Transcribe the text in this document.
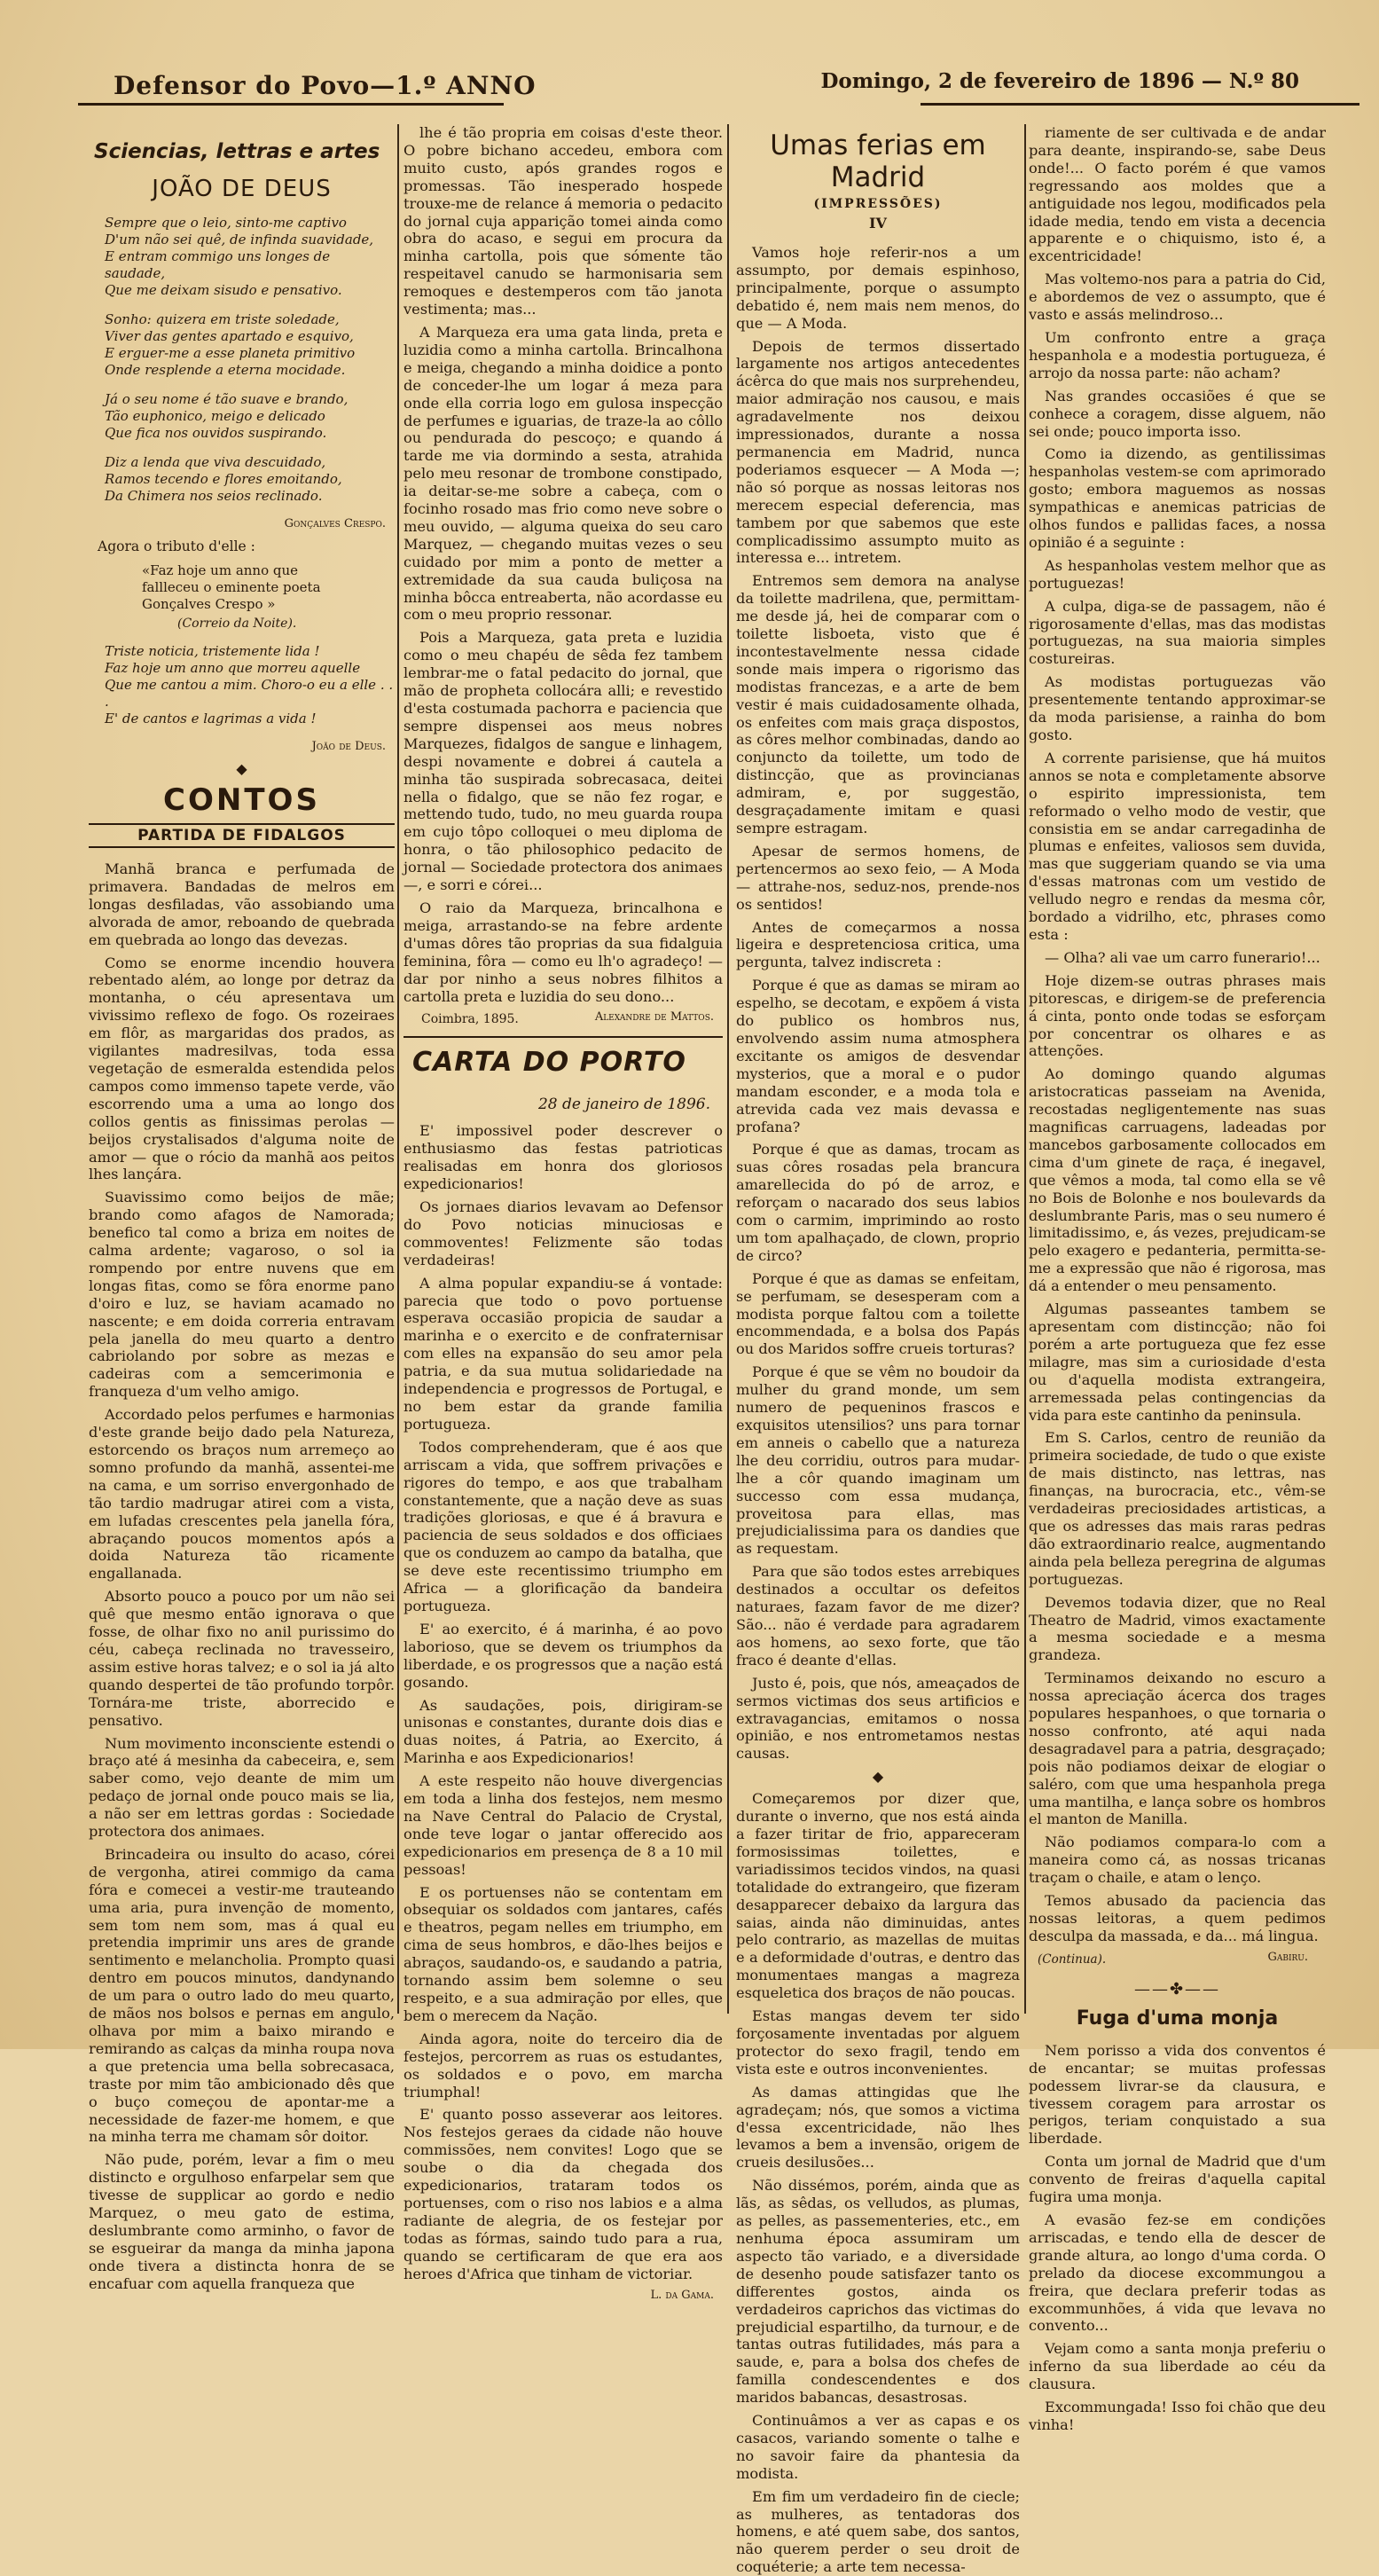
Defensor do Povo—1.º ANNO	Domingo, 2 de fevereiro de 1896 — N.º 80
Sciencias, lettras e artes
JOÃO DE DEUS
Sempre que o leio, sinto-me captivo
D'um não sei quê, de infinda suavidade,
E entram commigo uns longes de saudade,
Que me deixam sisudo e pensativo.
Sonho: quizera em triste soledade,
Viver das gentes apartado e esquivo,
E erguer-me a esse planeta primitivo
Onde resplende a eterna mocidade.
Já o seu nome é tão suave e brando,
Tão euphonico, meigo e delicado
Que fica nos ouvidos suspirando.
Diz a lenda que viva descuidado,
Ramos tecendo e flores emoitando,
Da Chimera nos seios reclinado.
Gonçalves Crespo.
Agora o tributo d'elle :
«Faz hoje um anno que
fallleceu o eminente poeta
Gonçalves Crespo »
(Correio da Noite).
Triste noticia, tristemente lida !
Faz hoje um anno que morreu aquelle
Que me cantou a mim. Choro-o eu a elle . . .
E' de cantos e lagrimas a vida !
João de Deus.
◆
CONTOS
PARTIDA DE FIDALGOS

Manhã branca e perfumada de primavera. Bandadas de melros em longas desfiladas, vão assobiando uma alvorada de amor, reboando de quebrada em quebrada ao longo das devezas.

Como se enorme incendio houvera rebentado além, ao longe por detraz da montanha, o céu apresentava um vivissimo reflexo de fogo. Os rozeiraes em flôr, as margaridas dos prados, as vigilantes madresilvas, toda essa vegetação de esmeralda estendida pelos campos como immenso tapete verde, vão escorrendo uma a uma ao longo dos collos gentis as finissimas perolas — beijos crystalisados d'alguma noite de amor — que o rócio da manhã aos peitos lhes lançára.

Suavissimo como beijos de mãe; brando como afagos de Namorada; benefico tal como a briza em noites de calma ardente; vagaroso, o sol ia rompendo por entre nuvens que em longas fitas, como se fôra enorme pano d'oiro e luz, se haviam acamado no nascente; e em doida correria entravam pela janella do meu quarto a dentro cabriolando por sobre as mezas e cadeiras com a semcerimonia e franqueza d'um velho amigo.

Accordado pelos perfumes e harmonias d'este grande beijo dado pela Natureza, estorcendo os braços num arremeço ao somno profundo da manhã, assentei-me na cama, e um sorriso envergonhado de tão tardio madrugar atirei com a vista, em lufadas crescentes pela janella fóra, abraçando poucos momentos após a doida Natureza tão ricamente engallanada.

Absorto pouco a pouco por um não sei quê que mesmo então ignorava o que fosse, de olhar fixo no anil purissimo do céu, cabeça reclinada no travesseiro, assim estive horas talvez; e o sol ia já alto quando despertei de tão profundo torpôr. Tornára-me triste, aborrecido e pensativo.

Num movimento inconsciente estendi o braço até á mesinha da cabeceira, e, sem saber como, vejo deante de mim um pedaço de jornal onde pouco mais se lia, a não ser em lettras gordas : Sociedade protectora dos animaes.

Brincadeira ou insulto do acaso, córei de vergonha, atirei commigo da cama fóra e comecei a vestir-me trauteando uma aria, pura invenção de momento, sem tom nem som, mas á qual eu pretendia imprimir uns ares de grande sentimento e melancholia. Prompto quasi dentro em poucos minutos, dandynando de um para o outro lado do meu quarto, de mãos nos bolsos e pernas em angulo, olhava por mim a baixo mirando e remirando as calças da minha roupa nova a que pretencia uma bella sobrecasaca, traste por mim tão ambicionado dês que o buço começou de apontar-me a necessidade de fazer-me homem, e que na minha terra me chamam sôr doitor.

Não pude, porém, levar a fim o meu distincto e orgulhoso enfarpelar sem que tivesse de supplicar ao gordo e nedio Marquez, o meu gato de estima, deslumbrante como arminho, o favor de se esgueirar da manga da minha japona onde tivera a distincta honra de se encafuar com aquella franqueza que

lhe é tão propria em coisas d'este theor. O pobre bichano accedeu, embora com muito custo, após grandes rogos e promessas. Tão inesperado hospede trouxe-me de relance á memoria o pedacito do jornal cuja apparição tomei ainda como obra do acaso, e segui em procura da minha cartolla, pois que sómente tão respeitavel canudo se harmonisaria sem remoques e destemperos com tão janota vestimenta; mas...

A Marqueza era uma gata linda, preta e luzidia como a minha cartolla. Brincalhona e meiga, chegando a minha doidice a ponto de conceder-lhe um logar á meza para onde ella corria logo em gulosa inspecção de perfumes e iguarias, de traze-la ao côllo ou pendurada do pescoço; e quando á tarde me via dormindo a sesta, atrahida pelo meu resonar de trombone constipado, ia deitar-se-me sobre a cabeça, com o focinho rosado mas frio como neve sobre o meu ouvido, — alguma queixa do seu caro Marquez, — chegando muitas vezes o seu cuidado por mim a ponto de metter a extremidade da sua cauda buliçosa na minha bôcca entreaberta, não acordasse eu com o meu proprio ressonar.

Pois a Marqueza, gata preta e luzidia como o meu chapéu de sêda fez tambem lembrar-me o fatal pedacito do jornal, que mão de propheta collocára alli; e revestido d'esta costumada pachorra e paciencia que sempre dispensei aos meus nobres Marquezes, fidalgos de sangue e linhagem, despi novamente e dobrei á cautela a minha tão suspirada sobrecasaca, deitei nella o fidalgo, que se não fez rogar, e mettendo tudo, tudo, no meu guarda roupa em cujo tôpo colloquei o meu diploma de honra, o tão philosophico pedacito de jornal — Sociedade protectora dos animaes —, e sorri e córei...

O raio da Marqueza, brincalhona e meiga, arrastando-se na febre ardente d'umas dôres tão proprias da sua fidalguia feminina, fôra — como eu lh'o agradeço! — dar por ninho a seus nobres filhitos a cartolla preta e luzidia do seu dono...

Coimbra, 1895.	Alexandre de Mattos.
CARTA DO PORTO
28 de janeiro de 1896.

E' impossivel poder descrever o enthusiasmo das festas patrioticas realisadas em honra dos gloriosos expedicionarios!

Os jornaes diarios levavam ao Defensor do Povo noticias minuciosas e commoventes! Felizmente são todas verdadeiras!

A alma popular expandiu-se á vontade: parecia que todo o povo portuense esperava occasião propicia de saudar a marinha e o exercito e de confraternisar com elles na expansão do seu amor pela patria, e da sua mutua solidariedade na independencia e progressos de Portugal, e no bem estar da grande familia portugueza.

Todos comprehenderam, que é aos que arriscam a vida, que soffrem privações e rigores do tempo, e aos que trabalham constantemente, que a nação deve as suas tradições gloriosas, e que é á bravura e paciencia de seus soldados e dos officiaes que os conduzem ao campo da batalha, que se deve este recentissimo triumpho em Africa — a glorificação da bandeira portugueza.

E' ao exercito, é á marinha, é ao povo laborioso, que se devem os triumphos da liberdade, e os progressos que a nação está gosando.

As saudações, pois, dirigiram-se unisonas e constantes, durante dois dias e duas noites, á Patria, ao Exercito, á Marinha e aos Expedicionarios!

A este respeito não houve divergencias em toda a linha dos festejos, nem mesmo na Nave Central do Palacio de Crystal, onde teve logar o jantar offerecido aos expedicionarios em presença de 8 a 10 mil pessoas!

E os portuenses não se contentam em obsequiar os soldados com jantares, cafés e theatros, pegam nelles em triumpho, em cima de seus hombros, e dão-lhes beijos e abraços, saudando-os, e saudando a patria, tornando assim bem solemne o seu respeito, e a sua admiração por elles, que bem o merecem da Nação.

Ainda agora, noite do terceiro dia de festejos, percorrem as ruas os estudantes, os soldados e o povo, em marcha triumphal!

E' quanto posso asseverar aos leitores. Nos festejos geraes da cidade não houve commissões, nem convites! Logo que se soube o dia da chegada dos expedicionarios, trataram todos os portuenses, com o riso nos labios e a alma radiante de alegria, de os festejar por todas as fórmas, saindo tudo para a rua, quando se certificaram de que era aos heroes d'Africa que tinham de victoriar.

L. da Gama.
Umas ferias em Madrid
(IMPRESSÕES)
IV

Vamos hoje referir-nos a um assumpto, por demais espinhoso, principalmente, porque o assumpto debatido é, nem mais nem menos, do que — A Moda.

Depois de termos dissertado largamente nos artigos antecedentes ácêrca do que mais nos surprehendeu, maior admiração nos causou, e mais agradavelmente nos deixou impressionados, durante a nossa permanencia em Madrid, nunca poderiamos esquecer — A Moda —; não só porque as nossas leitoras nos merecem especial deferencia, mas tambem por que sabemos que este complicadissimo assumpto muito as interessa e... intretem.

Entremos sem demora na analyse da toilette madrilena, que, permittam-me desde já, hei de comparar com o toilette lisboeta, visto que é incontestavelmente nessa cidade sonde mais impera o rigorismo das modistas francezas, e a arte de bem vestir é mais cuidadosamente olhada, os enfeites com mais graça dispostos, as côres melhor combinadas, dando ao conjuncto da toilette, um todo de distincção, que as provincianas admiram, e, por suggestão, desgraçadamente imitam e quasi sempre estragam.

Apesar de sermos homens, de pertencermos ao sexo feio, — A Moda — attrahe-nos, seduz-nos, prende-nos os sentidos!

Antes de começarmos a nossa ligeira e despretenciosa critica, uma pergunta, talvez indiscreta :

Porque é que as damas se miram ao espelho, se decotam, e expõem á vista do publico os hombros nus, envolvendo assim numa atmosphera excitante os amigos de desvendar mysterios, que a moral e o pudor mandam esconder, e a moda tola e atrevida cada vez mais devassa e profana?

Porque é que as damas, trocam as suas côres rosadas pela brancura amarellecida do pó de arroz, e reforçam o nacarado dos seus labios com o carmim, imprimindo ao rosto um tom apalhaçado, de clown, proprio de circo?

Porque é que as damas se enfeitam, se perfumam, se desesperam com a modista porque faltou com a toilette encommendada, e a bolsa dos Papás ou dos Maridos soffre crueis torturas?

Porque é que se vêm no boudoir da mulher du grand monde, um sem numero de pequeninos frascos e exquisitos utensilios? uns para tornar em anneis o cabello que a natureza lhe deu corridiu, outros para mudar-lhe a côr quando imaginam um successo com essa mudança, proveitosa para ellas, mas prejudicialissima para os dandies que as requestam.

Para que são todos estes arrebiques destinados a occultar os defeitos naturaes, fazam favor de me dizer? São... não é verdade para agradarem aos homens, ao sexo forte, que tão fraco é deante d'ellas.

Justo é, pois, que nós, ameaçados de sermos victimas dos seus artificios e extravagancias, emitamos o nossa opinião, e nos entrometamos nestas causas.

◆

Começaremos por dizer que, durante o inverno, que nos está ainda a fazer tiritar de frio, appareceram formosissimas toilettes, e variadissimos tecidos vindos, na quasi totalidade do extrangeiro, que fizeram desapparecer debaixo da largura das saias, ainda não diminuidas, antes pelo contrario, as mazellas de muitas e a deformidade d'outras, e dentro das monumentaes mangas a magreza esqueletica dos braços de não poucas.

Estas mangas devem ter sido forçosamente inventadas por alguem protector do sexo fragil, tendo em vista este e outros inconvenientes.

As damas attingidas que lhe agradeçam; nós, que somos a victima d'essa excentricidade, não lhes levamos a bem a invensão, origem de crueis desilusões...

Não dissémos, porém, ainda que as lãs, as sêdas, os velludos, as plumas, as pelles, as passementeries, etc., em nenhuma época assumiram um aspecto tão variado, e a diversidade de desenho poude satisfazer tanto os differentes gostos, ainda os verdadeiros caprichos das victimas do prejudicial espartilho, da turnour, e de tantas outras futilidades, más para a saude, e, para a bolsa dos chefes de familla condescendentes e dos maridos babancas, desastrosas.

Continuâmos a ver as capas e os casacos, variando somente o talhe e no savoir faire da phantesia da modista.

Em fim um verdadeiro fin de ciecle; as mulheres, as tentadoras dos homens, e até quem sabe, dos santos, não querem perder o seu droit de coquéterie; a arte tem necessa-

riamente de ser cultivada e de andar para deante, inspirando-se, sabe Deus onde!... O facto porém é que vamos regressando aos moldes que a antiguidade nos legou, modificados pela idade media, tendo em vista a decencia apparente e o chiquismo, isto é, a excentricidade!

Mas voltemo-nos para a patria do Cid, e abordemos de vez o assumpto, que é vasto e assás melindroso...

Um confronto entre a graça hespanhola e a modestia portugueza, é arrojo da nossa parte: não acham?

Nas grandes occasiões é que se conhece a coragem, disse alguem, não sei onde; pouco importa isso.

Como ia dizendo, as gentilissimas hespanholas vestem-se com aprimorado gosto; embora maguemos as nossas sympathicas e anemicas patricias de olhos fundos e pallidas faces, a nossa opinião é a seguinte :

As hespanholas vestem melhor que as portuguezas!

A culpa, diga-se de passagem, não é rigorosamente d'ellas, mas das modistas portuguezas, na sua maioria simples costureiras.

As modistas portuguezas vão presentemente tentando approximar-se da moda parisiense, a rainha do bom gosto.

A corrente parisiense, que há muitos annos se nota e completamente absorve o espirito impressionista, tem reformado o velho modo de vestir, que consistia em se andar carregadinha de plumas e enfeites, valiosos sem duvida, mas que suggeriam quando se via uma d'essas matronas com um vestido de velludo negro e rendas da mesma côr, bordado a vidrilho, etc, phrases como esta :

— Olha? ali vae um carro funerario!...

Hoje dizem-se outras phrases mais pitorescas, e dirigem-se de preferencia á cinta, ponto onde todas se esforçam por concentrar os olhares e as attenções.

Ao domingo quando algumas aristocraticas passeiam na Avenida, recostadas negligentemente nas suas magnificas carruagens, ladeadas por mancebos garbosamente collocados em cima d'um ginete de raça, é inegavel, que vêmos a moda, tal como ella se vê no Bois de Bolonhe e nos boulevards da deslumbrante Paris, mas o seu numero é limitadissimo, e, ás vezes, prejudicam-se pelo exagero e pedanteria, permitta-se-me a expressão que não é rigorosa, mas dá a entender o meu pensamento.

Algumas passeantes tambem se apresentam com distincção; não foi porém a arte portugueza que fez esse milagre, mas sim a curiosidade d'esta ou d'aquella modista extrangeira, arremessada pelas contingencias da vida para este cantinho da peninsula.

Em S. Carlos, centro de reunião da primeira sociedade, de tudo o que existe de mais distincto, nas lettras, nas finanças, na burocracia, etc., vêm-se verdadeiras preciosidades artisticas, a que os adresses das mais raras pedras dão extraordinario realce, augmentando ainda pela belleza peregrina de algumas portuguezas.

Devemos todavia dizer, que no Real Theatro de Madrid, vimos exactamente a mesma sociedade e a mesma grandeza.

Terminamos deixando no escuro a nossa apreciação ácerca dos trages populares hespanhoes, o que tornaria o nosso confronto, até aqui nada desagradavel para a patria, desgraçado; pois não podiamos deixar de elogiar o saléro, com que uma hespanhola prega uma mantilha, e lança sobre os hombros el manton de Manilla.

Não podiamos compara-lo com a maneira como cá, as nossas tricanas traçam o chaile, e atam o lenço.

Temos abusado da paciencia das nossas leitoras, a quem pedimos desculpa da massada, e da... má lingua.

(Continua).	Gabiru.
——✤——
Fuga d'uma monja

Nem porisso a vida dos conventos é de encantar; se muitas professas podessem livrar-se da clausura, e tivessem coragem para arrostar os perigos, teriam conquistado a sua liberdade.

Conta um jornal de Madrid que d'um convento de freiras d'aquella capital fugira uma monja.

A evasão fez-se em condições arriscadas, e tendo ella de descer de grande altura, ao longo d'uma corda. O prelado da diocese excommungou a freira, que declara preferir todas as excommunhões, á vida que levava no convento...

Vejam como a santa monja preferiu o inferno da sua liberdade ao céu da clausura.

Excommungada! Isso foi chão que deu vinha!
